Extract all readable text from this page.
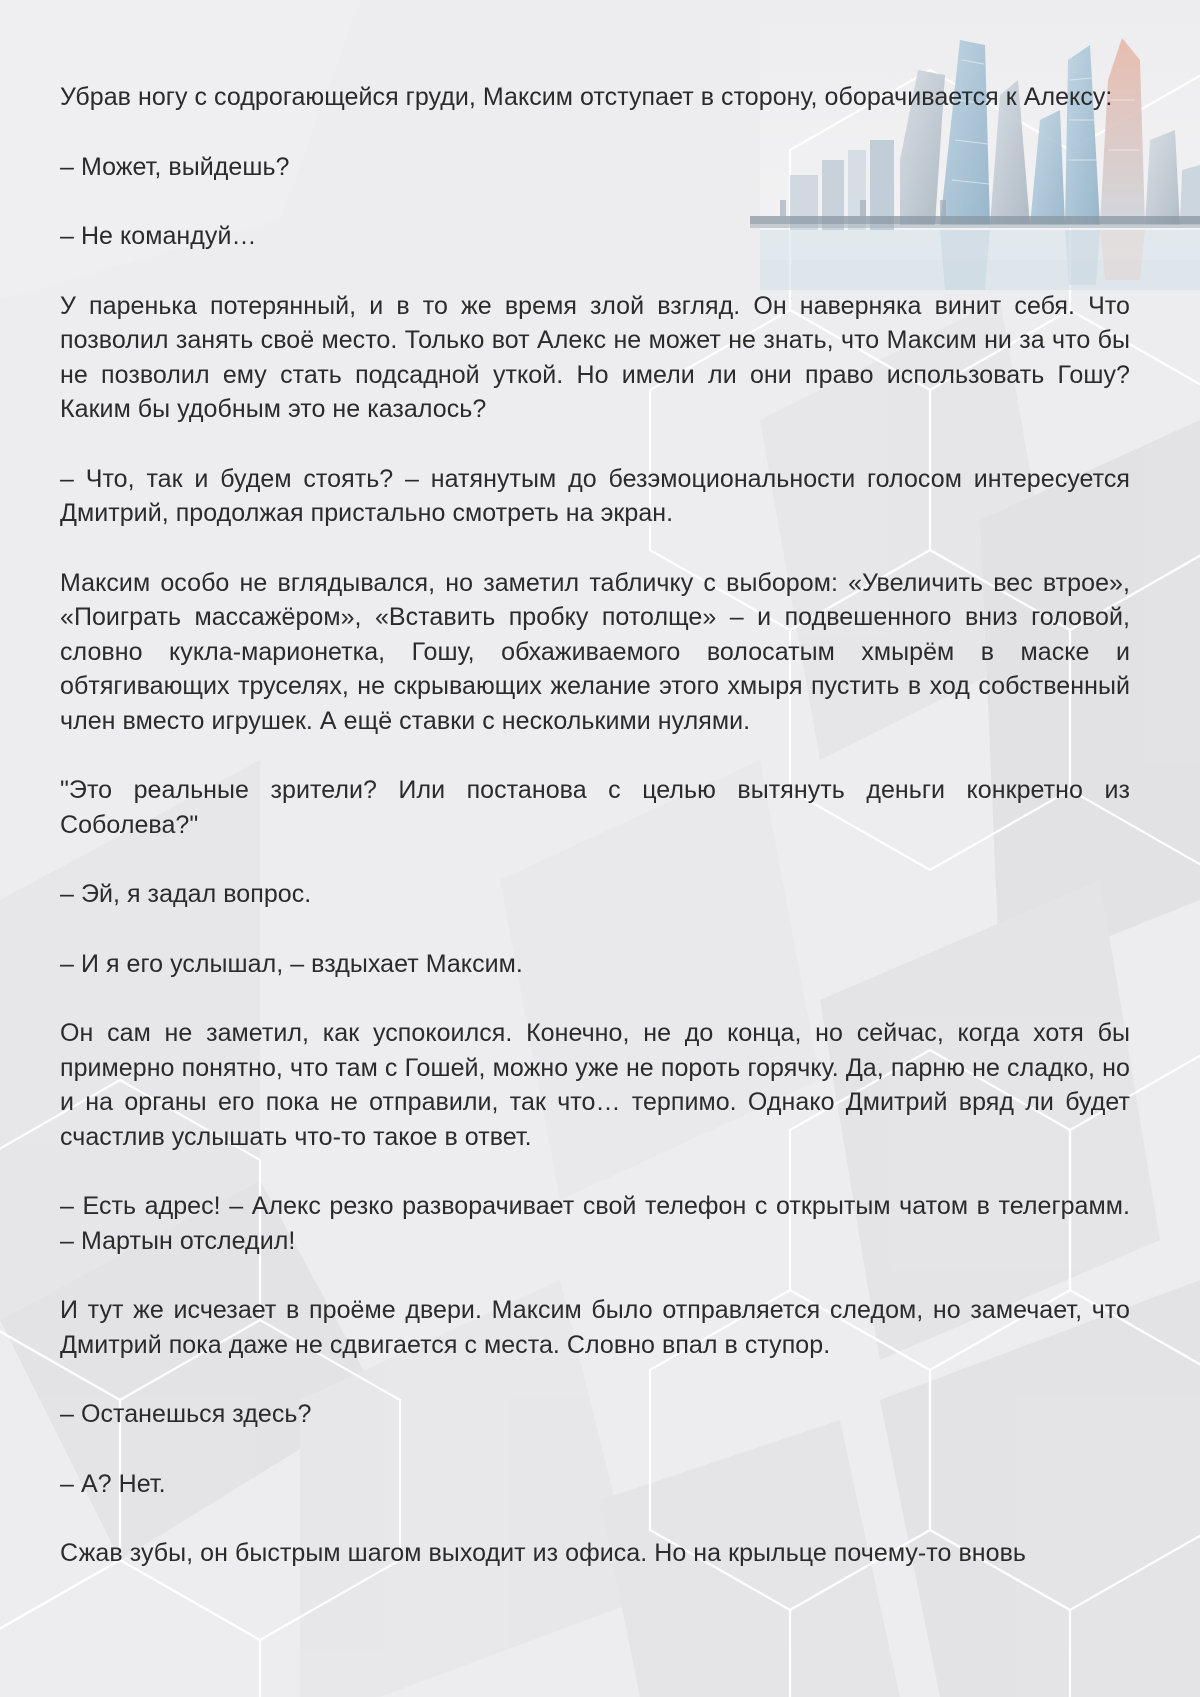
Убрав ногу с содрогающейся груди, Максим отступает в сторону, оборачивается к Алексу:

– Может, выйдешь?

– Не командуй…

У паренька потерянный, и в то же время злой взгляд. Он наверняка винит себя. Что позволил занять своё место. Только вот Алекс не может не знать, что Максим ни за что бы не позволил ему стать подсадной уткой. Но имели ли они право использовать Гошу? Каким бы удобным это не казалось?

– Что, так и будем стоять? – натянутым до безэмоциональности голосом интересуется Дмитрий, продолжая пристально смотреть на экран.

Максим особо не вглядывался, но заметил табличку с выбором: «Увеличить вес втрое», «Поиграть массажёром», «Вставить пробку потолще» – и подвешенного вниз головой, словно кукла-марионетка, Гошу, обхаживаемого волосатым хмырём в маске и обтягивающих труселях, не скрывающих желание этого хмыря пустить в ход собственный член вместо игрушек. А ещё ставки с несколькими нулями.

"Это реальные зрители? Или постанова с целью вытянуть деньги конкретно из Соболева?"

– Эй, я задал вопрос.

– И я его услышал, – вздыхает Максим.

Он сам не заметил, как успокоился. Конечно, не до конца, но сейчас, когда хотя бы примерно понятно, что там с Гошей, можно уже не пороть горячку. Да, парню не сладко, но и на органы его пока не отправили, так что… терпимо. Однако Дмитрий вряд ли будет счастлив услышать что-то такое в ответ.

– Есть адрес! – Алекс резко разворачивает свой телефон с открытым чатом в телеграмм. – Мартын отследил!

И тут же исчезает в проёме двери. Максим было отправляется следом, но замечает, что Дмитрий пока даже не сдвигается с места. Словно впал в ступор.

– Останешься здесь?

– А? Нет.

Сжав зубы, он быстрым шагом выходит из офиса. Но на крыльце почему-то вновь
